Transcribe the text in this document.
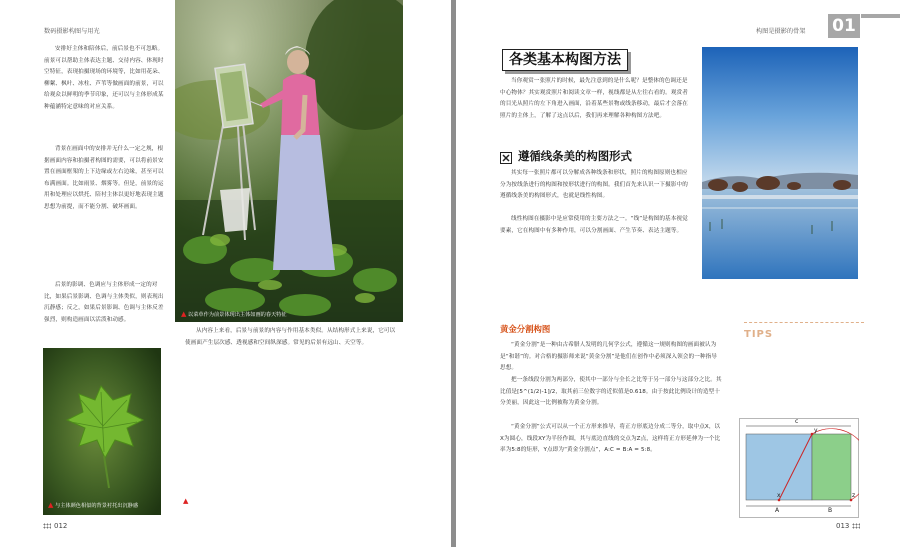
数码摄影构图与用光
安排好主体和陪体后，前后景也不可忽略。前景可以帮助主体表达主题、交待内容、体现时空特征，表现拍摄现场的环境等，比如用花朵、柳絮、枫叶、冰柱、芦苇等做画面的前景，可以给观众以鲜明的季节印象，还可以与主体形成某种蕴涵特定意味的对应关系。
背景在画面中的安排并无什么一定之规，根据画面内容和拍摄者构图的需要，可以将前景安置在画面框架的上下边缘或左右边缘，甚至可以布满画面。比如雨景、烟雾等。但是，前景的运用和处理应以烘托、陪衬主体以更好地表现主题思想为前提，而不能分割、破坏画面。
后景的影调、色调应与主体形成一定的对比，如果后景影调、色调与主体类似，则表现出沉静感；反之，如果后景影调、色调与主体反差强烈，则构造画面以活泼和动感。
▲ 以菜草作为前景体现出主体如画的春天特征
从内容上来看，后景与前景的内容与作用基本类似。从结构形式上来说，它可以使画面产生层次感、透视感和空间纵深感。常见的后景有远山、天空等。
▲ 与主体颜色相似的背景衬托出沉静感
▲
012
构图是摄影的骨架 01
各类基本构图方法
当你观赏一张照片的时候，最先注意到的是什么呢？是整体的色调还是中心物体？其实观赏照片和阅读文章一样，视线都是从左往右看的。观赏者的目光从照片的左下角进入画面，沿着某些景物或线条移动，最后才会落在照片的主体上，了解了这点以后，我们再来理解各种构图方法吧。
遵循线条美的构图形式
其实每一张照片都可以分解成各种线条和形状，照片的构图原则也相应分为按线条进行的构图和按形状进行的构图。我们首先来认识一下摄影中的遵循线条美的构图形式，也就是线性构图。
线性构图在摄影中是应常使用的主要方法之一。“线”是构图的基本视觉要素，它在构图中有多种作用，可以分割画面、产生节奏、表达主题等。
黄金分割构图
“黄金分割”是一种由古希腊人发明的几何学公式，遵循这一规则构图的画面被认为是“和谐”的。对合格的摄影师来说“黄金分割”是他们在创作中必须深入领会的一种指导思想。
把一条线段分割为两部分，使其中一部分与全长之比等于另一部分与这部分之比。其比值是[5^(1/2)-1]/2，取其前三位数字的近似值是0.618。由于按此比例设计的造型十分美丽，因此这一比例被称为黄金分割。
“黄金分割”公式可以从一个正方形来推导，将正方形底边分成二等分，取中点X，以X为圆心，线段XY为半径作圆，其与底边直线的交点为Z点，这样将正方形延伸为一个比率为5:8的矩形，Y点即为“黄金分割点”，A:C = B:A = 5:8。
TIPS
c
y
x	z
A	B
013
